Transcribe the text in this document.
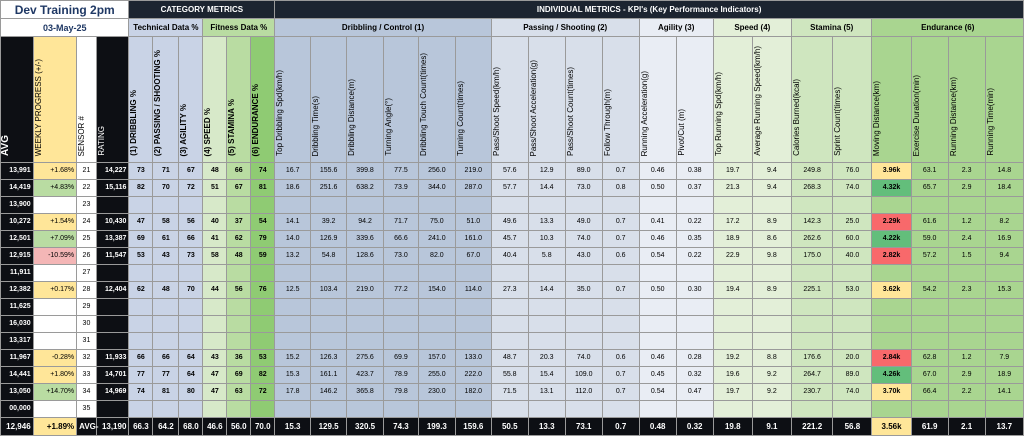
Dev Training 2pm				CATEGORY METRICS						INDIVIDUAL METRICS - KPI's (Key Performance Indicators)																			
03-May-25				Technical Data %			Fitness Data %			Dribbling / Control (1)						Passing / Shooting (2)				Agility (3)		Speed (4)		Stamina (5)		Endurance (6)			
AVG	WEEKLY PROGRESS (+/-)	SENSOR #	RATING	(1) DRIBBLING %	(2) PASSING / SHOOTING %	(3) AGILITY %	(4) SPEED %	(5) STAMINA %	(6) ENDURANCE %	Top Dribbling Spd(km/h)	Dribbling Time(s)	Dribbling Distance(m)	Turning Angle(°)	Dribbling Touch Count(times)	Turning Count(times)	Pass/Shoot Speed(km/h)	Pass/Shoot Acceleration(g)	Pass/Shoot Count(times)	Follow Through(m)	Running Acceleration(g)	Pivot/Cut (m)	Top Running Spd(km/h)	Average Running Speed(km/h)	Calories Burned(kcal)	Sprint Count(times)	Moving Distance(km)	Exercise Duration(min)	Running Distance(km)	Running Time(min)
13,991	+1.68%	21	14,227	73	71	67	48	66	74	16.7	155.6	399.8	77.5	256.0	219.0	57.6	12.9	89.0	0.7	0.46	0.38	19.7	9.4	249.8	76.0	3.96k	63.1	2.3	14.8
14,419	+4.83%	22	15,116	82	70	72	51	67	81	18.6	251.6	638.2	73.9	344.0	287.0	57.7	14.4	73.0	0.8	0.50	0.37	21.3	9.4	268.3	74.0	4.32k	65.7	2.9	18.4
13,900		23																											
10,272	+1.54%	24	10,430	47	58	56	40	37	54	14.1	39.2	94.2	71.7	75.0	51.0	49.6	13.3	49.0	0.7	0.41	0.22	17.2	8.9	142.3	25.0	2.29k	61.6	1.2	8.2
12,501	+7.09%	25	13,387	69	61	66	41	62	79	14.0	126.9	339.6	66.6	241.0	161.0	45.7	10.3	74.0	0.7	0.46	0.35	18.9	8.6	262.6	60.0	4.22k	59.0	2.4	16.9
12,915	-10.59%	26	11,547	53	43	73	58	48	59	13.2	54.8	128.6	73.0	82.0	67.0	40.4	5.8	43.0	0.6	0.54	0.22	22.9	9.8	175.0	40.0	2.82k	57.2	1.5	9.4
11,911		27																											
12,382	+0.17%	28	12,404	62	48	70	44	56	76	12.5	103.4	219.0	77.2	154.0	114.0	27.3	14.4	35.0	0.7	0.50	0.30	19.4	8.9	225.1	53.0	3.62k	54.2	2.3	15.3
11,625		29																											
16,030		30																											
13,317		31																											
11,967	-0.28%	32	11,933	66	66	64	43	36	53	15.2	126.3	275.6	69.9	157.0	133.0	48.7	20.3	74.0	0.6	0.46	0.28	19.2	8.8	176.6	20.0	2.84k	62.8	1.2	7.9
14,441	+1.80%	33	14,701	77	77	64	47	69	82	15.3	161.1	423.7	78.9	255.0	222.0	55.8	15.4	109.0	0.7	0.45	0.32	19.6	9.2	264.7	89.0	4.26k	67.0	2.9	18.9
13,050	+14.70%	34	14,969	74	81	80	47	63	72	17.8	146.2	365.8	79.8	230.0	182.0	71.5	13.1	112.0	0.7	0.54	0.47	19.7	9.2	230.7	74.0	3.70k	66.4	2.2	14.1
00,000		35																											
12,946	+1.89%	AVG-	13,190	66.3	64.2	68.0	46.6	56.0	70.0	15.3	129.5	320.5	74.3	199.3	159.6	50.5	13.3	73.1	0.7	0.48	0.32	19.8	9.1	221.2	56.8	3.56k	61.9	2.1	13.7
